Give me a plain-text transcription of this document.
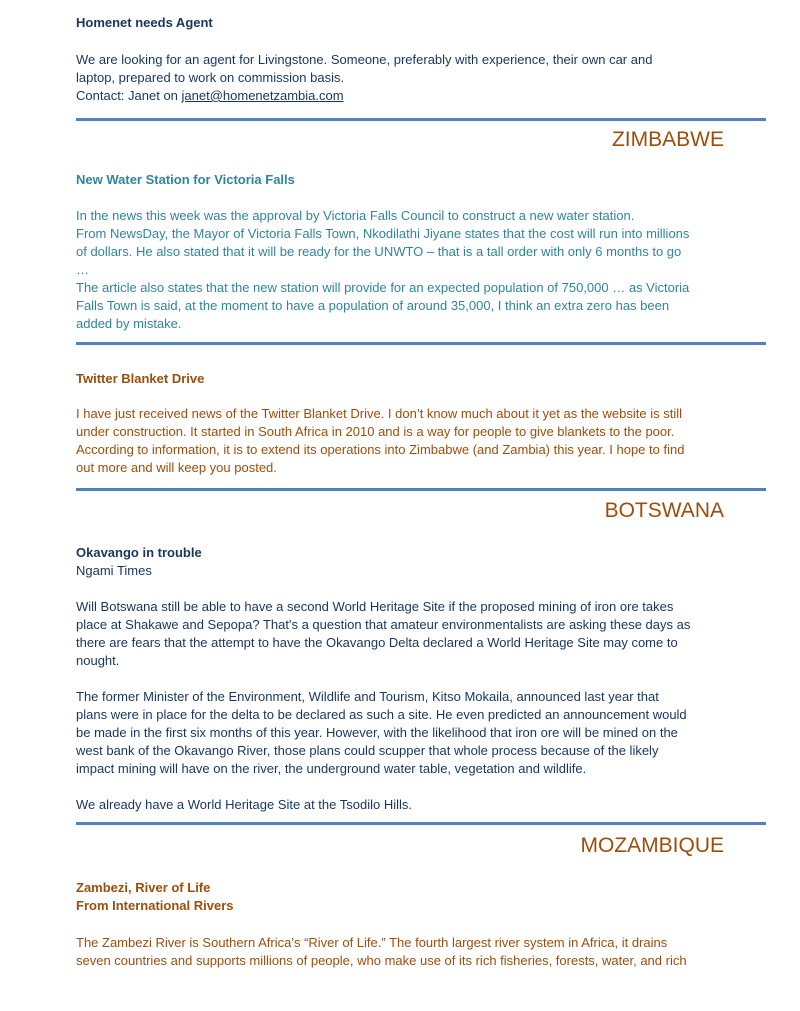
Homenet needs Agent

We are looking for an agent for Livingstone. Someone, preferably with experience, their own car and

laptop, prepared to work on commission basis.

Contact: Janet on janet@homenetzambia.com

ZIMBABWE

New Water Station for Victoria Falls

In the news this week was the approval by Victoria Falls Council to construct a new water station.

From NewsDay, the Mayor of Victoria Falls Town, Nkodilathi Jiyane states that the cost will run into millions

of dollars. He also stated that it will be ready for the UNWTO – that is a tall order with only 6 months to go

…

The article also states that the new station will provide for an expected population of 750,000 … as Victoria

Falls Town is said, at the moment to have a population of around 35,000, I think an extra zero has been

added by mistake.

Twitter Blanket Drive

I have just received news of the Twitter Blanket Drive. I don’t know much about it yet as the website is still

under construction. It started in South Africa in 2010 and is a way for people to give blankets to the poor.

According to information, it is to extend its operations into Zimbabwe (and Zambia) this year. I hope to find

out more and will keep you posted.

BOTSWANA

Okavango in trouble

Ngami Times

Will Botswana still be able to have a second World Heritage Site if the proposed mining of iron ore takes

place at Shakawe and Sepopa? That's a question that amateur environmentalists are asking these days as

there are fears that the attempt to have the Okavango Delta declared a World Heritage Site may come to

nought.

The former Minister of the Environment, Wildlife and Tourism, Kitso Mokaila, announced last year that

plans were in place for the delta to be declared as such a site. He even predicted an announcement would

be made in the first six months of this year. However, with the likelihood that iron ore will be mined on the

west bank of the Okavango River, those plans could scupper that whole process because of the likely

impact mining will have on the river, the underground water table, vegetation and wildlife.

We already have a World Heritage Site at the Tsodilo Hills.

MOZAMBIQUE

Zambezi, River of Life

From International Rivers

The Zambezi River is Southern Africa’s “River of Life.” The fourth largest river system in Africa, it drains

seven countries and supports millions of people, who make use of its rich fisheries, forests, water, and rich
